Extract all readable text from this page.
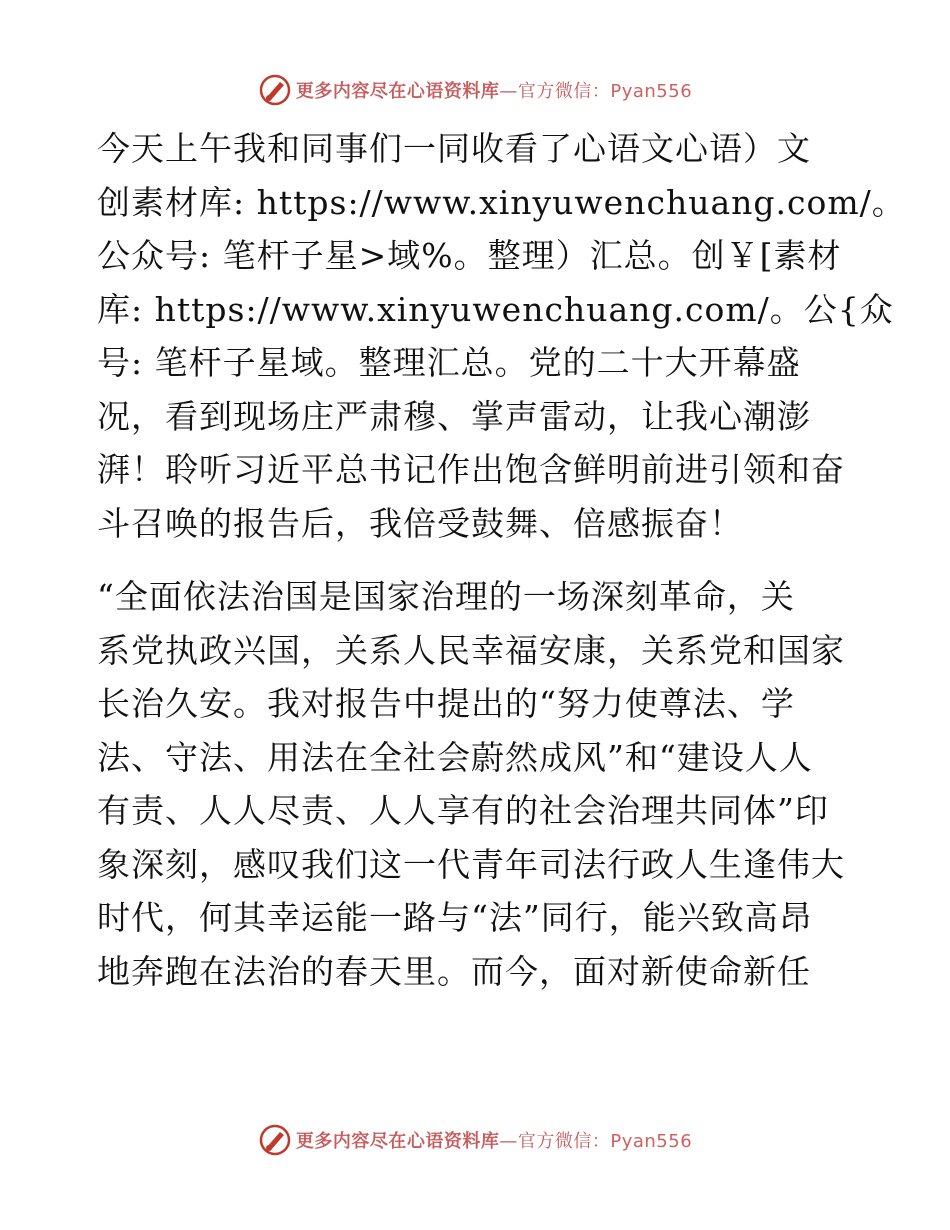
更多内容尽在心语资料库—官方微信：Pyan556

今天上午我和同事们一同收看了心语文心语）文
创素材库: https://www.xinyuwenchuang.com/。
公众号: 笔杆子星>域%。整理）汇总。创￥[素材
库: https://www.xinyuwenchuang.com/。公{众
号: 笔杆子星域。整理汇总。党的二十大开幕盛
况，看到现场庄严肃穆、掌声雷动，让我心潮澎
湃！聆听习近平总书记作出饱含鲜明前进引领和奋
斗召唤的报告后，我倍受鼓舞、倍感振奋！

“全面依法治国是国家治理的一场深刻革命，关
系党执政兴国，关系人民幸福安康，关系党和国家
长治久安。我对报告中提出的“努力使尊法、学
法、守法、用法在全社会蔚然成风”和“建设人人
有责、人人尽责、人人享有的社会治理共同体”印
象深刻，感叹我们这一代青年司法行政人生逢伟大
时代，何其幸运能一路与“法”同行，能兴致高昂
地奔跑在法治的春天里。而今，面对新使命新任

更多内容尽在心语资料库—官方微信：Pyan556
